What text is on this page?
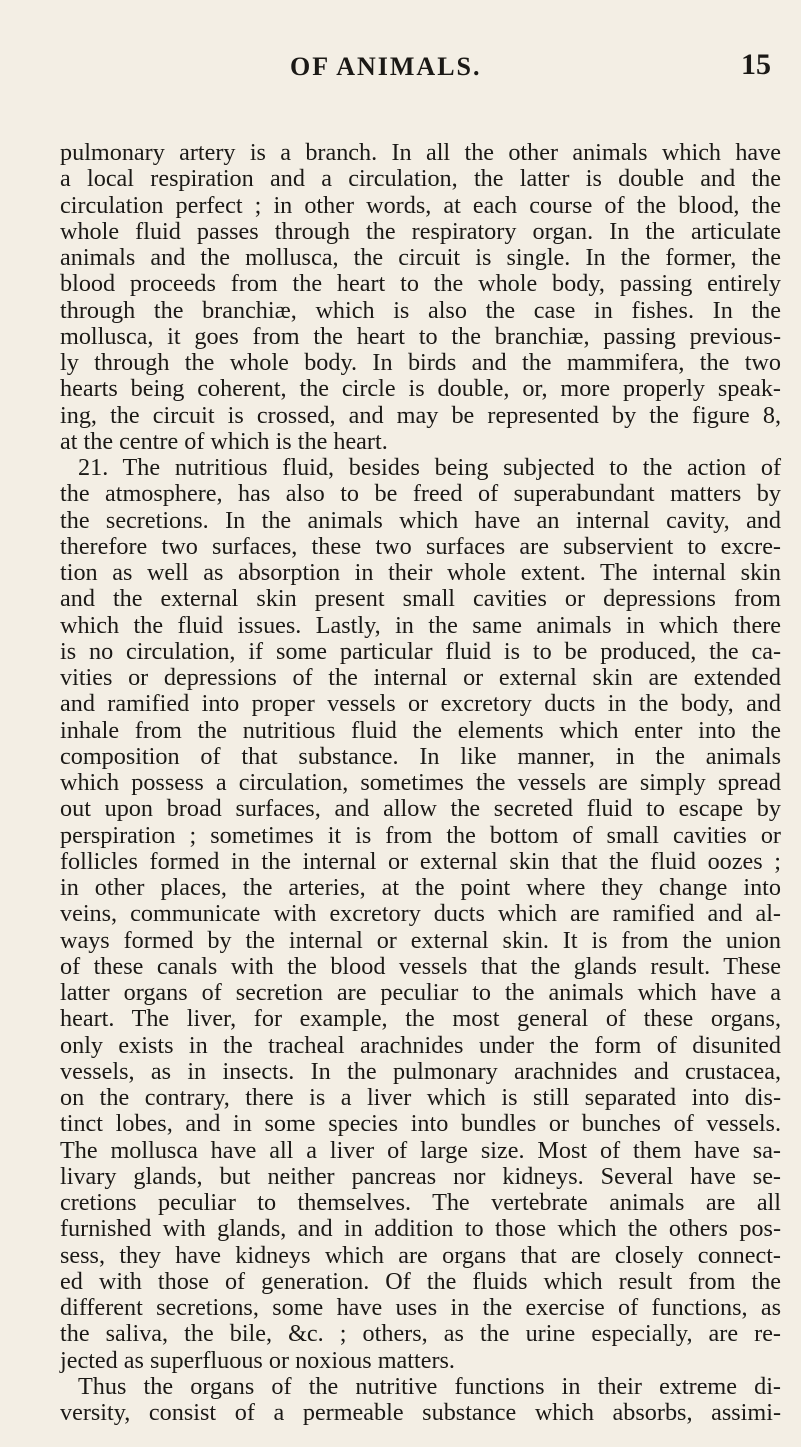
OF ANIMALS.	15
pulmonary artery is a branch. In all the other animals which have
a local respiration and a circulation, the latter is double and the
circulation perfect ; in other words, at each course of the blood, the
whole fluid passes through the respiratory organ. In the articulate
animals and the mollusca, the circuit is single. In the former, the
blood proceeds from the heart to the whole body, passing entirely
through the branchiæ, which is also the case in fishes. In the
mollusca, it goes from the heart to the branchiæ, passing previous-
ly through the whole body. In birds and the mammifera, the two
hearts being coherent, the circle is double, or, more properly speak-
ing, the circuit is crossed, and may be represented by the figure 8,
at the centre of which is the heart.
21. The nutritious fluid, besides being subjected to the action of
the atmosphere, has also to be freed of superabundant matters by
the secretions. In the animals which have an internal cavity, and
therefore two surfaces, these two surfaces are subservient to excre-
tion as well as absorption in their whole extent. The internal skin
and the external skin present small cavities or depressions from
which the fluid issues. Lastly, in the same animals in which there
is no circulation, if some particular fluid is to be produced, the ca-
vities or depressions of the internal or external skin are extended
and ramified into proper vessels or excretory ducts in the body, and
inhale from the nutritious fluid the elements which enter into the
composition of that substance. In like manner, in the animals
which possess a circulation, sometimes the vessels are simply spread
out upon broad surfaces, and allow the secreted fluid to escape by
perspiration ; sometimes it is from the bottom of small cavities or
follicles formed in the internal or external skin that the fluid oozes ;
in other places, the arteries, at the point where they change into
veins, communicate with excretory ducts which are ramified and al-
ways formed by the internal or external skin. It is from the union
of these canals with the blood vessels that the glands result. These
latter organs of secretion are peculiar to the animals which have a
heart. The liver, for example, the most general of these organs,
only exists in the tracheal arachnides under the form of disunited
vessels, as in insects. In the pulmonary arachnides and crustacea,
on the contrary, there is a liver which is still separated into dis-
tinct lobes, and in some species into bundles or bunches of vessels.
The mollusca have all a liver of large size. Most of them have sa-
livary glands, but neither pancreas nor kidneys. Several have se-
cretions peculiar to themselves. The vertebrate animals are all
furnished with glands, and in addition to those which the others pos-
sess, they have kidneys which are organs that are closely connect-
ed with those of generation. Of the fluids which result from the
different secretions, some have uses in the exercise of functions, as
the saliva, the bile, &c. ; others, as the urine especially, are re-
jected as superfluous or noxious matters.
Thus the organs of the nutritive functions in their extreme di-
versity, consist of a permeable substance which absorbs, assimi-
